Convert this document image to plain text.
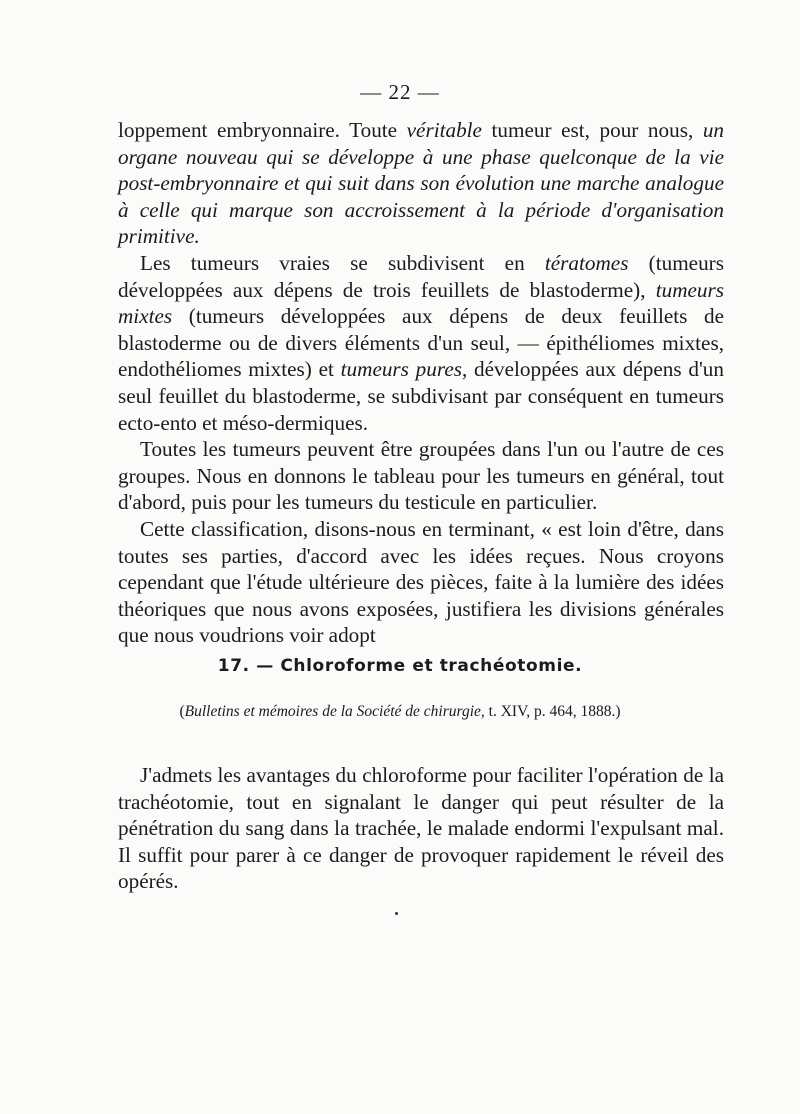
— 22 —

loppement embryonnaire. Toute véritable tumeur est, pour nous, un organe nouveau qui se développe à une phase quelconque de la vie post-embryonnaire et qui suit dans son évolution une marche analogue à celle qui marque son accroissement à la période d'organisation primitive.

Les tumeurs vraies se subdivisent en tératomes (tumeurs développées aux dépens de trois feuillets de blastoderme), tumeurs mixtes (tumeurs développées aux dépens de deux feuillets de blastoderme ou de divers éléments d'un seul, — épithéliomes mixtes, endothéliomes mixtes) et tumeurs pures, développées aux dépens d'un seul feuillet du blastoderme, se subdivisant par conséquent en tumeurs ecto-ento et méso-dermiques.

Toutes les tumeurs peuvent être groupées dans l'un ou l'autre de ces groupes. Nous en donnons le tableau pour les tumeurs en général, tout d'abord, puis pour les tumeurs du testicule en particulier.

Cette classification, disons-nous en terminant, « est loin d'être, dans toutes ses parties, d'accord avec les idées reçues. Nous croyons cependant que l'étude ultérieure des pièces, faite à la lumière des idées théoriques que nous avons exposées, justifiera les divisions générales que nous voudrions voir adopt

17. — Chloroforme et trachéotomie.
(Bulletins et mémoires de la Société de chirurgie, t. XIV, p. 464, 1888.)

J'admets les avantages du chloroforme pour faciliter l'opération de la trachéotomie, tout en signalant le danger qui peut résulter de la pénétration du sang dans la trachée, le malade endormi l'expulsant mal. Il suffit pour parer à ce danger de provoquer rapidement le réveil des opérés.
